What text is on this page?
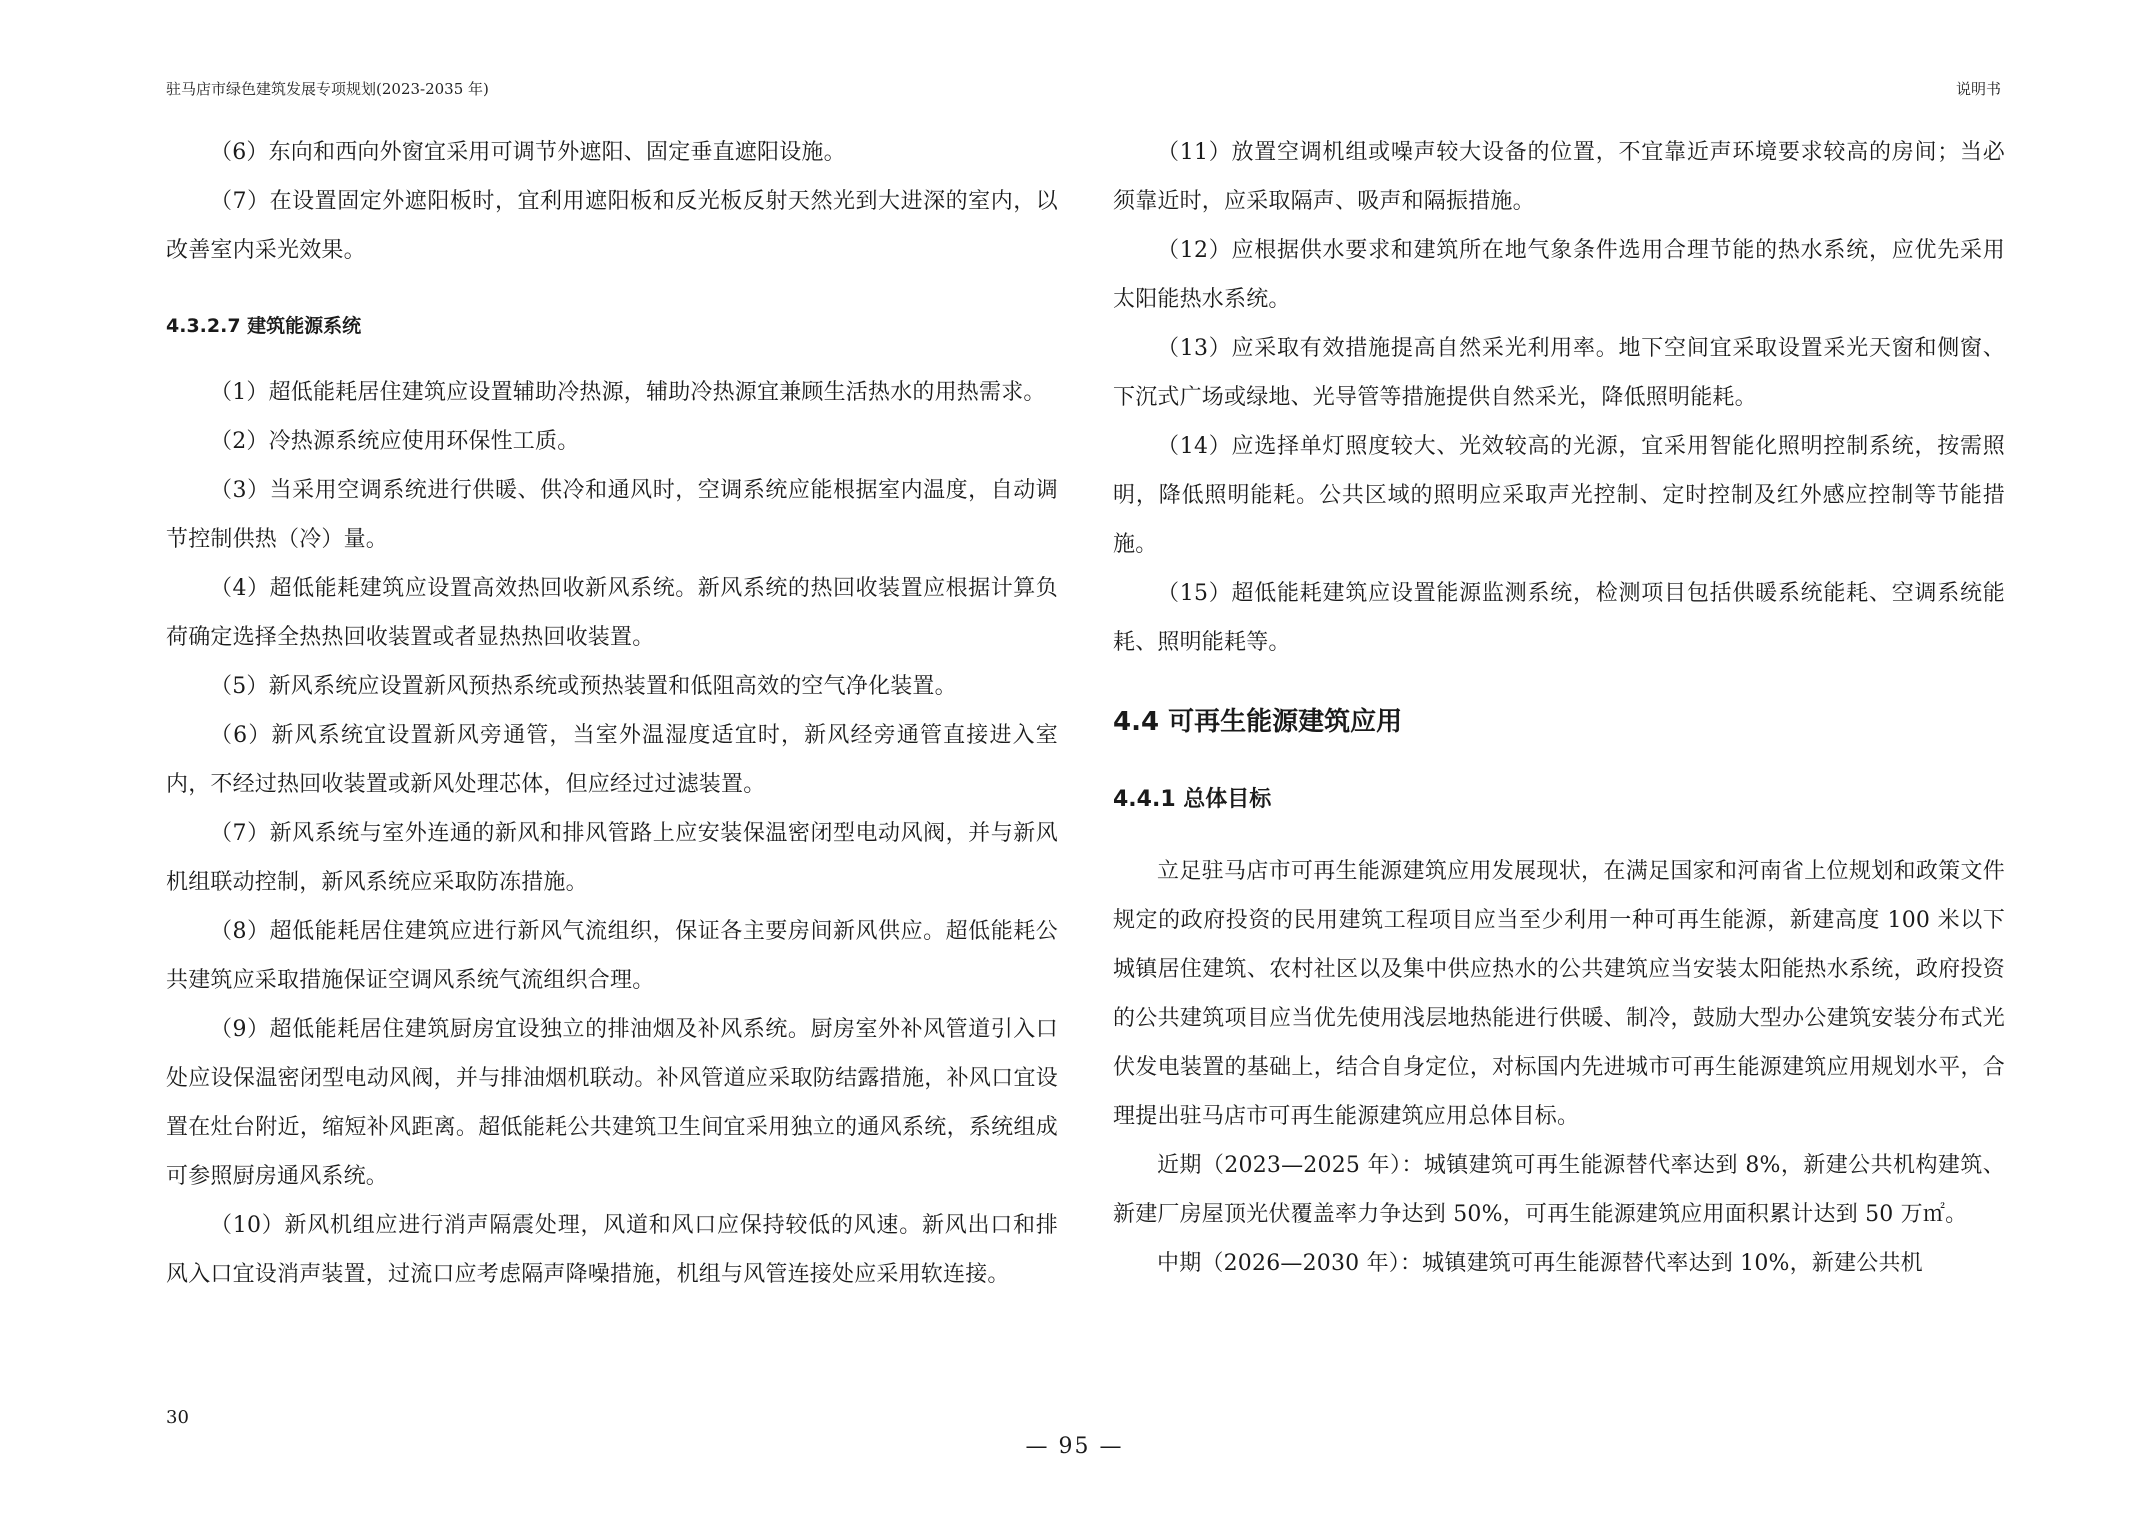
驻马店市绿色建筑发展专项规划(2023-2035 年)	说明书

（6）东向和西向外窗宜采用可调节外遮阳、固定垂直遮阳设施。

（7）在设置固定外遮阳板时，宜利用遮阳板和反光板反射天然光到大进深的室内，以改善室内采光效果。

4.3.2.7 建筑能源系统

（1）超低能耗居住建筑应设置辅助冷热源，辅助冷热源宜兼顾生活热水的用热需求。

（2）冷热源系统应使用环保性工质。

（3）当采用空调系统进行供暖、供冷和通风时，空调系统应能根据室内温度，自动调节控制供热（冷）量。

（4）超低能耗建筑应设置高效热回收新风系统。新风系统的热回收装置应根据计算负荷确定选择全热热回收装置或者显热热回收装置。

（5）新风系统应设置新风预热系统或预热装置和低阻高效的空气净化装置。

（6）新风系统宜设置新风旁通管，当室外温湿度适宜时，新风经旁通管直接进入室内，不经过热回收装置或新风处理芯体，但应经过过滤装置。

（7）新风系统与室外连通的新风和排风管路上应安装保温密闭型电动风阀，并与新风机组联动控制，新风系统应采取防冻措施。

（8）超低能耗居住建筑应进行新风气流组织，保证各主要房间新风供应。超低能耗公共建筑应采取措施保证空调风系统气流组织合理。

（9）超低能耗居住建筑厨房宜设独立的排油烟及补风系统。厨房室外补风管道引入口处应设保温密闭型电动风阀，并与排油烟机联动。补风管道应采取防结露措施，补风口宜设置在灶台附近，缩短补风距离。超低能耗公共建筑卫生间宜采用独立的通风系统，系统组成可参照厨房通风系统。

（10）新风机组应进行消声隔震处理，风道和风口应保持较低的风速。新风出口和排风入口宜设消声装置，过流口应考虑隔声降噪措施，机组与风管连接处应采用软连接。

30

（11）放置空调机组或噪声较大设备的位置，不宜靠近声环境要求较高的房间；当必须靠近时，应采取隔声、吸声和隔振措施。

（12）应根据供水要求和建筑所在地气象条件选用合理节能的热水系统，应优先采用太阳能热水系统。

（13）应采取有效措施提高自然采光利用率。地下空间宜采取设置采光天窗和侧窗、下沉式广场或绿地、光导管等措施提供自然采光，降低照明能耗。

（14）应选择单灯照度较大、光效较高的光源，宜采用智能化照明控制系统，按需照明，降低照明能耗。公共区域的照明应采取声光控制、定时控制及红外感应控制等节能措施。

（15）超低能耗建筑应设置能源监测系统，检测项目包括供暖系统能耗、空调系统能耗、照明能耗等。

4.4 可再生能源建筑应用

4.4.1 总体目标

立足驻马店市可再生能源建筑应用发展现状，在满足国家和河南省上位规划和政策文件规定的政府投资的民用建筑工程项目应当至少利用一种可再生能源，新建高度 100 米以下城镇居住建筑、农村社区以及集中供应热水的公共建筑应当安装太阳能热水系统，政府投资的公共建筑项目应当优先使用浅层地热能进行供暖、制冷，鼓励大型办公建筑安装分布式光伏发电装置的基础上，结合自身定位，对标国内先进城市可再生能源建筑应用规划水平，合理提出驻马店市可再生能源建筑应用总体目标。

近期（2023—2025 年）：城镇建筑可再生能源替代率达到 8%，新建公共机构建筑、新建厂房屋顶光伏覆盖率力争达到 50%，可再生能源建筑应用面积累计达到 50 万㎡。

中期（2026—2030 年）：城镇建筑可再生能源替代率达到 10%，新建公共机

— 95 —
